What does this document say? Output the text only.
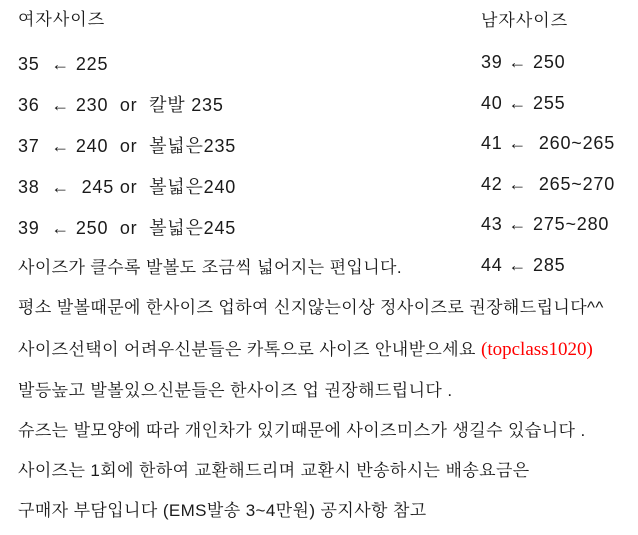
여자사이즈
35  ← 225
36  ← 230  or  칼발 235
37  ← 240  or  볼넓은235
38  ←  245 or  볼넓은240
39  ← 250  or  볼넓은245
남자사이즈
39 ← 250
40 ← 255
41 ←  260~265
42 ←  265~270
43 ← 275~280
44 ← 285
사이즈가 클수록 발볼도 조금씩 넓어지는 편입니다.
평소 발볼때문에 한사이즈 업하여 신지않는이상 정사이즈로 권장해드립니다^^
사이즈선택이 어려우신분들은 카톡으로 사이즈 안내받으세요 (topclass1020)
발등높고 발볼있으신분들은 한사이즈 업 권장해드립니다 .
슈즈는 발모양에 따라 개인차가 있기때문에 사이즈미스가 생길수 있습니다 .
사이즈는 1회에 한하여 교환해드리며 교환시 반송하시는 배송요금은
구매자 부담입니다 (EMS발송 3~4만원) 공지사항 참고
